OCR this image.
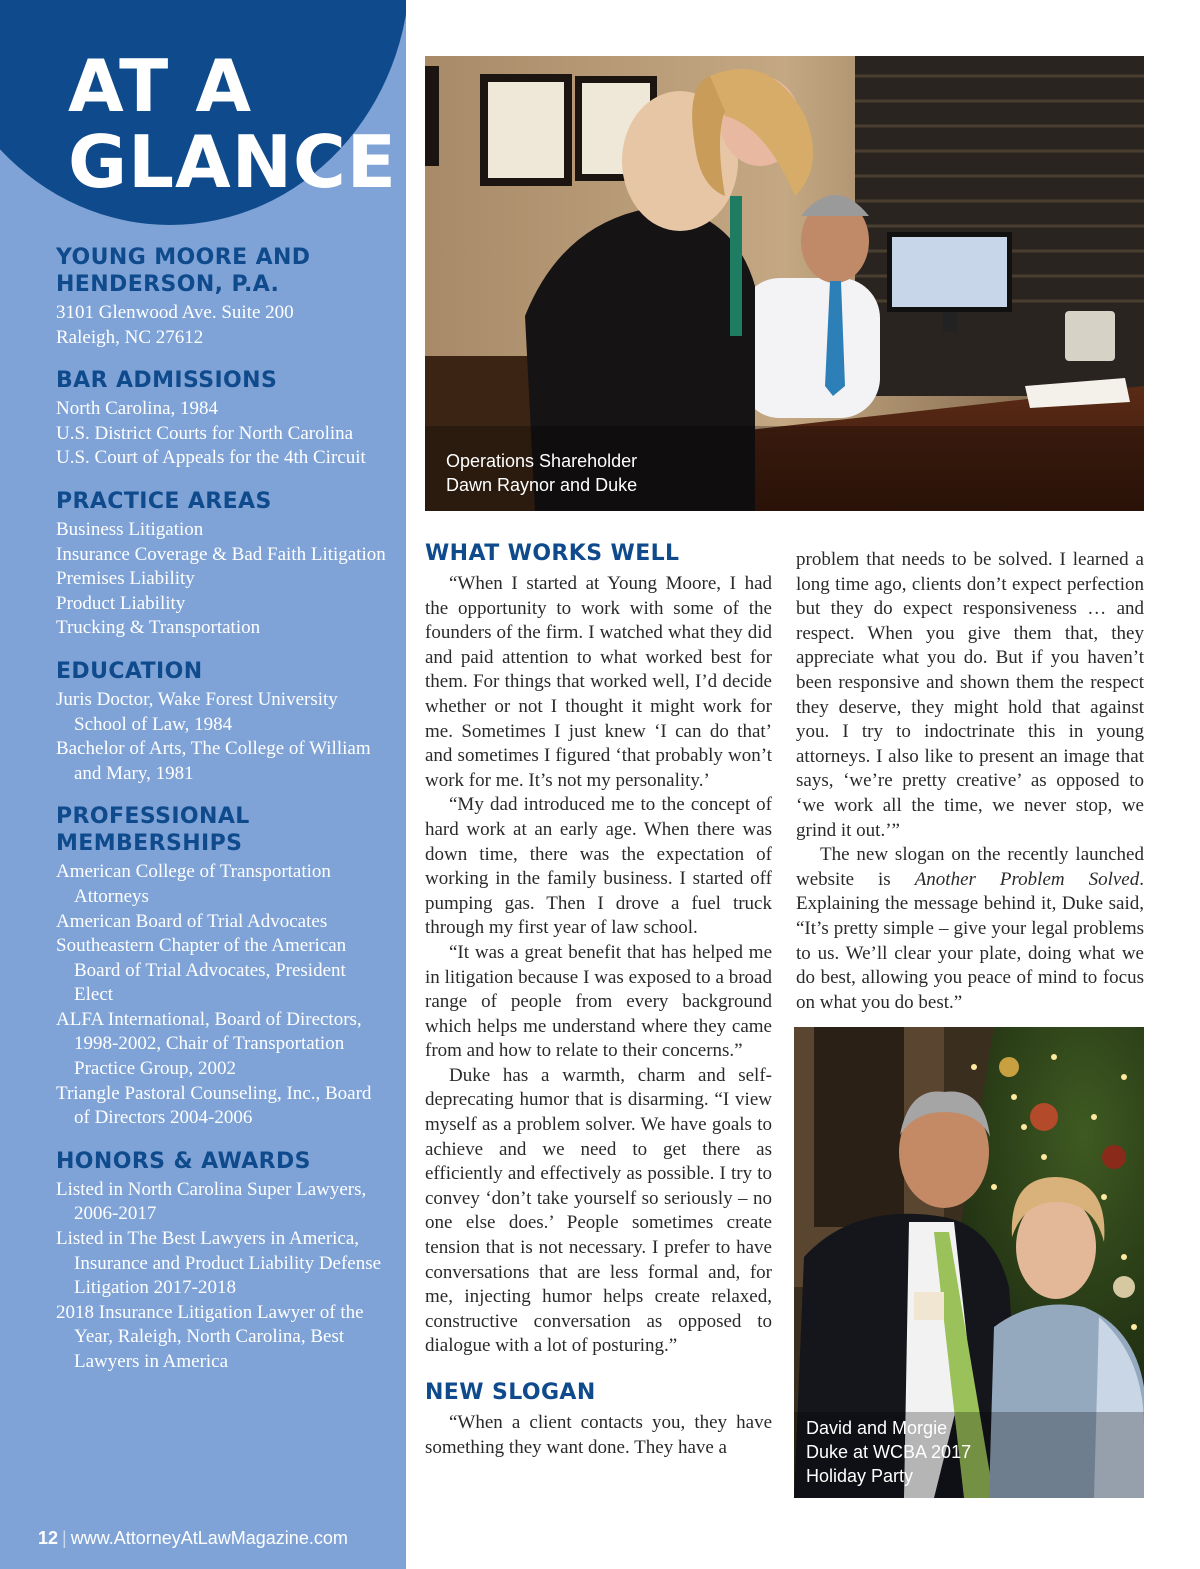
AT A
GLANCE
YOUNG MOORE AND
HENDERSON, P.A.
3101 Glenwood Ave. Suite 200
Raleigh, NC 27612
BAR ADMISSIONS
North Carolina, 1984
U.S. District Courts for North Carolina
U.S. Court of Appeals for the 4th Circuit
PRACTICE AREAS
Business Litigation
Insurance Coverage & Bad Faith Litigation
Premises Liability
Product Liability
Trucking & Transportation
EDUCATION
Juris Doctor, Wake Forest University School of Law, 1984
Bachelor of Arts, The College of William and Mary, 1981
PROFESSIONAL
MEMBERSHIPS
American College of Transportation Attorneys
American Board of Trial Advocates
Southeastern Chapter of the American Board of Trial Advocates, President Elect
ALFA International, Board of Directors, 1998-2002, Chair of Transportation Practice Group, 2002
Triangle Pastoral Counseling, Inc., Board of Directors 2004-2006
HONORS & AWARDS
Listed in North Carolina Super Lawyers, 2006-2017
Listed in The Best Lawyers in America, Insurance and Product Liability Defense Litigation 2017-2018
2018 Insurance Litigation Lawyer of the Year, Raleigh, North Carolina, Best Lawyers in America
12 | www.AttorneyAtLawMagazine.com
Operations Shareholder
Dawn Raynor and Duke
WHAT WORKS WELL

“When I started at Young Moore, I had the opportunity to work with some of the founders of the firm. I watched what they did and paid attention to what worked best for them. For things that worked well, I’d decide whether or not I thought it might work for me. Sometimes I just knew ‘I can do that’ and sometimes I figured ‘that probably won’t work for me. It’s not my personality.’

“My dad introduced me to the concept of hard work at an early age. When there was down time, there was the expectation of working in the family business. I started off pumping gas. Then I drove a fuel truck through my first year of law school.

“It was a great benefit that has helped me in litigation because I was exposed to a broad range of people from every background which helps me understand where they came from and how to relate to their concerns.”

Duke has a warmth, charm and self-deprecating humor that is disarming. “I view myself as a problem solver. We have goals to achieve and we need to get there as efficiently and effectively as possible. I try to convey ‘don’t take yourself so seriously – no one else does.’ People sometimes create tension that is not necessary. I prefer to have conversations that are less formal and, for me, injecting humor helps create relaxed, constructive conversation as opposed to dialogue with a lot of posturing.”

NEW SLOGAN

“When a client contacts you, they have something they want done. They have a

problem that needs to be solved. I learned a long time ago, clients don’t expect perfection but they do expect responsiveness … and respect. When you give them that, they appreciate what you do. But if you haven’t been responsive and shown them the respect they deserve, they might hold that against you. I try to indoctrinate this in young attorneys. I also like to present an image that says, ‘we’re pretty creative’ as opposed to ‘we work all the time, we never stop, we grind it out.’”

The new slogan on the recently launched website is Another Problem Solved. Explaining the message behind it, Duke said, “It’s pretty simple – give your legal problems to us. We’ll clear your plate, doing what we do best, allowing you peace of mind to focus on what you do best.”

David and Morgie
Duke at WCBA 2017
Holiday Party
